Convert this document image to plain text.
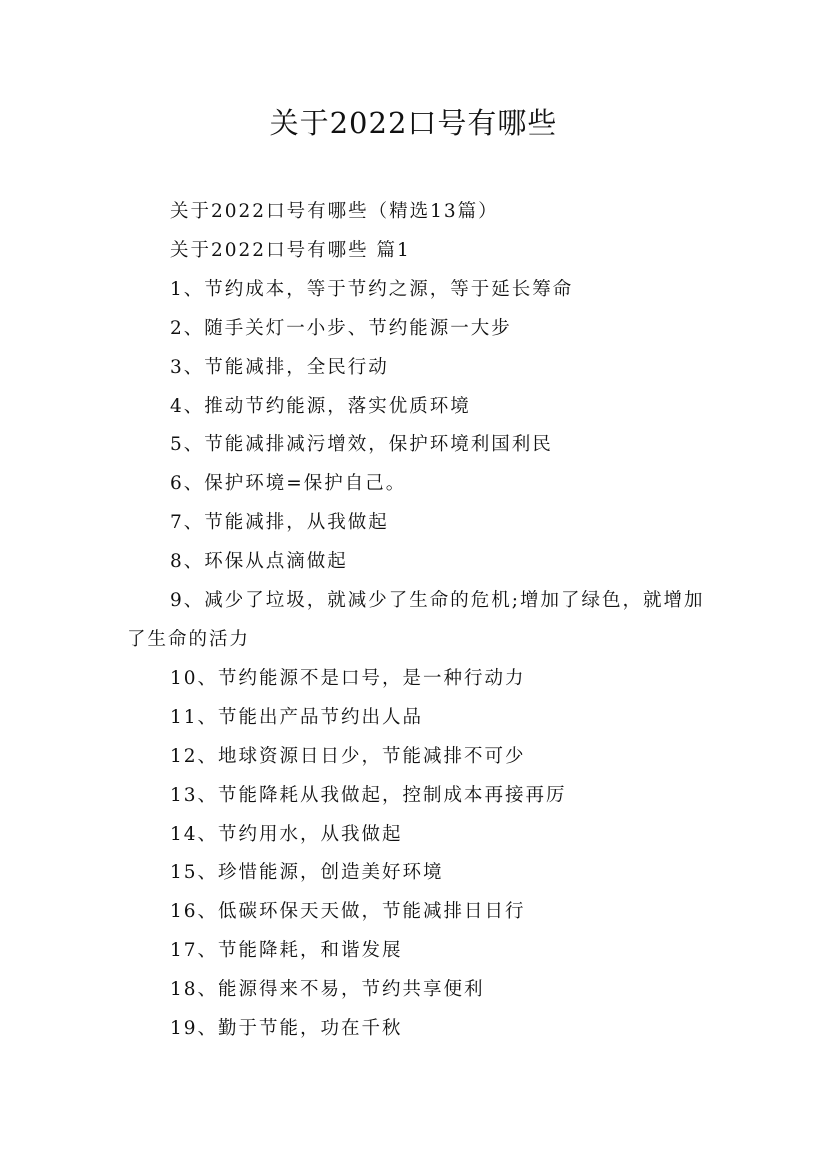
关于2022口号有哪些

关于2022口号有哪些（精选13篇）

关于2022口号有哪些 篇1

1、节约成本，等于节约之源，等于延长筹命

2、随手关灯一小步、节约能源一大步

3、节能减排，全民行动

4、推动节约能源，落实优质环境

5、节能减排减污增效，保护环境利国利民

6、保护环境=保护自己。

7、节能减排，从我做起

8、环保从点滴做起

9、减少了垃圾，就减少了生命的危机;增加了绿色，就增加了生命的活力

10、节约能源不是口号，是一种行动力

11、节能出产品节约出人品

12、地球资源日日少，节能减排不可少

13、节能降耗从我做起，控制成本再接再厉

14、节约用水，从我做起

15、珍惜能源，创造美好环境

16、低碳环保天天做，节能减排日日行

17、节能降耗，和谐发展

18、能源得来不易，节约共享便利

19、勤于节能，功在千秋
